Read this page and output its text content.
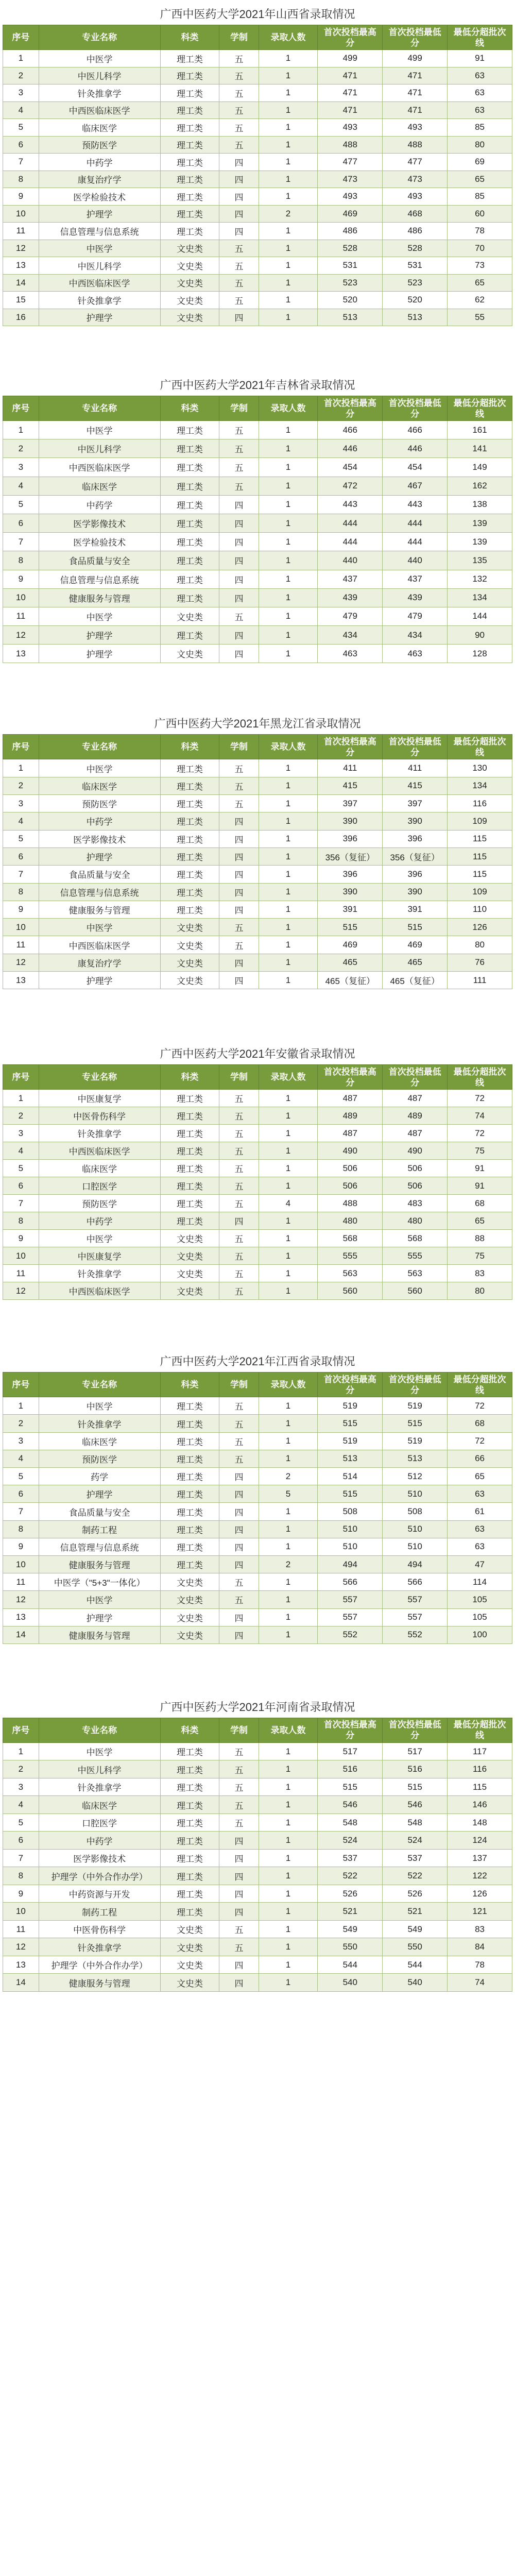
广西中医药大学2021年山西省录取情况
序号	专业名称	科类	学制	录取人数	首次投档最高分	首次投档最低分	最低分超批次线
1	中医学	理工类	五	1	499	499	91
2	中医儿科学	理工类	五	1	471	471	63
3	针灸推拿学	理工类	五	1	471	471	63
4	中西医临床医学	理工类	五	1	471	471	63
5	临床医学	理工类	五	1	493	493	85
6	预防医学	理工类	五	1	488	488	80
7	中药学	理工类	四	1	477	477	69
8	康复治疗学	理工类	四	1	473	473	65
9	医学检验技术	理工类	四	1	493	493	85
10	护理学	理工类	四	2	469	468	60
11	信息管理与信息系统	理工类	四	1	486	486	78
12	中医学	文史类	五	1	528	528	70
13	中医儿科学	文史类	五	1	531	531	73
14	中西医临床医学	文史类	五	1	523	523	65
15	针灸推拿学	文史类	五	1	520	520	62
16	护理学	文史类	四	1	513	513	55
广西中医药大学2021年吉林省录取情况
序号	专业名称	科类	学制	录取人数	首次投档最高分	首次投档最低分	最低分超批次线
1	中医学	理工类	五	1	466	466	161
2	中医儿科学	理工类	五	1	446	446	141
3	中西医临床医学	理工类	五	1	454	454	149
4	临床医学	理工类	五	1	472	467	162
5	中药学	理工类	四	1	443	443	138
6	医学影像技术	理工类	四	1	444	444	139
7	医学检验技术	理工类	四	1	444	444	139
8	食品质量与安全	理工类	四	1	440	440	135
9	信息管理与信息系统	理工类	四	1	437	437	132
10	健康服务与管理	理工类	四	1	439	439	134
11	中医学	文史类	五	1	479	479	144
12	护理学	理工类	四	1	434	434	90
13	护理学	文史类	四	1	463	463	128
广西中医药大学2021年黑龙江省录取情况
序号	专业名称	科类	学制	录取人数	首次投档最高分	首次投档最低分	最低分超批次线
1	中医学	理工类	五	1	411	411	130
2	临床医学	理工类	五	1	415	415	134
3	预防医学	理工类	五	1	397	397	116
4	中药学	理工类	四	1	390	390	109
5	医学影像技术	理工类	四	1	396	396	115
6	护理学	理工类	四	1	356（复征）	356（复征）	115
7	食品质量与安全	理工类	四	1	396	396	115
8	信息管理与信息系统	理工类	四	1	390	390	109
9	健康服务与管理	理工类	四	1	391	391	110
10	中医学	文史类	五	1	515	515	126
11	中西医临床医学	文史类	五	1	469	469	80
12	康复治疗学	文史类	四	1	465	465	76
13	护理学	文史类	四	1	465（复征）	465（复征）	111
广西中医药大学2021年安徽省录取情况
序号	专业名称	科类	学制	录取人数	首次投档最高分	首次投档最低分	最低分超批次线
1	中医康复学	理工类	五	1	487	487	72
2	中医骨伤科学	理工类	五	1	489	489	74
3	针灸推拿学	理工类	五	1	487	487	72
4	中西医临床医学	理工类	五	1	490	490	75
5	临床医学	理工类	五	1	506	506	91
6	口腔医学	理工类	五	1	506	506	91
7	预防医学	理工类	五	4	488	483	68
8	中药学	理工类	四	1	480	480	65
9	中医学	文史类	五	1	568	568	88
10	中医康复学	文史类	五	1	555	555	75
11	针灸推拿学	文史类	五	1	563	563	83
12	中西医临床医学	文史类	五	1	560	560	80
广西中医药大学2021年江西省录取情况
序号	专业名称	科类	学制	录取人数	首次投档最高分	首次投档最低分	最低分超批次线
1	中医学	理工类	五	1	519	519	72
2	针灸推拿学	理工类	五	1	515	515	68
3	临床医学	理工类	五	1	519	519	72
4	预防医学	理工类	五	1	513	513	66
5	药学	理工类	四	2	514	512	65
6	护理学	理工类	四	5	515	510	63
7	食品质量与安全	理工类	四	1	508	508	61
8	制药工程	理工类	四	1	510	510	63
9	信息管理与信息系统	理工类	四	1	510	510	63
10	健康服务与管理	理工类	四	2	494	494	47
11	中医学（"5+3"一体化）	文史类	五	1	566	566	114
12	中医学	文史类	五	1	557	557	105
13	护理学	文史类	四	1	557	557	105
14	健康服务与管理	文史类	四	1	552	552	100
广西中医药大学2021年河南省录取情况
序号	专业名称	科类	学制	录取人数	首次投档最高分	首次投档最低分	最低分超批次线
1	中医学	理工类	五	1	517	517	117
2	中医儿科学	理工类	五	1	516	516	116
3	针灸推拿学	理工类	五	1	515	515	115
4	临床医学	理工类	五	1	546	546	146
5	口腔医学	理工类	五	1	548	548	148
6	中药学	理工类	四	1	524	524	124
7	医学影像技术	理工类	四	1	537	537	137
8	护理学（中外合作办学）	理工类	四	1	522	522	122
9	中药资源与开发	理工类	四	1	526	526	126
10	制药工程	理工类	四	1	521	521	121
11	中医骨伤科学	文史类	五	1	549	549	83
12	针灸推拿学	文史类	五	1	550	550	84
13	护理学（中外合作办学）	文史类	四	1	544	544	78
14	健康服务与管理	文史类	四	1	540	540	74
